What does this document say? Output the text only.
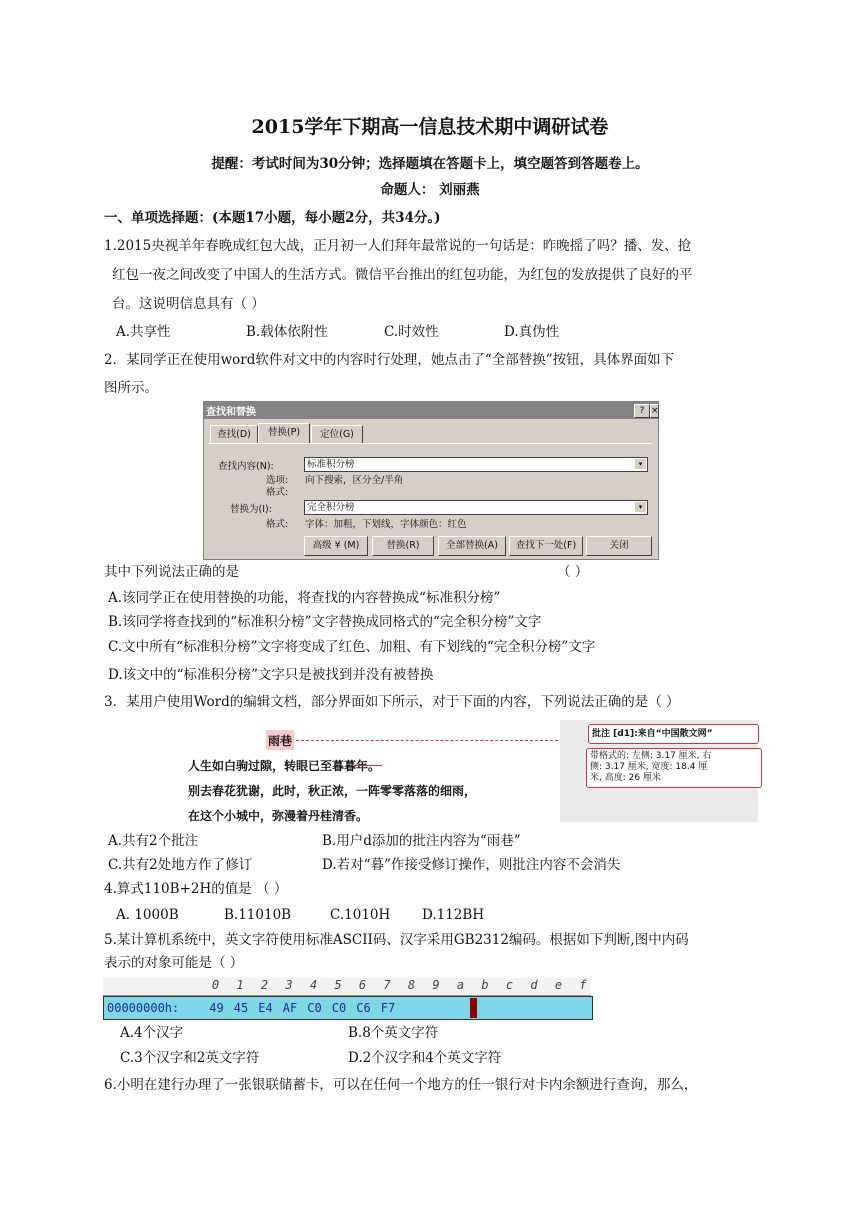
2015学年下期高一信息技术期中调研试卷
提醒：考试时间为30分钟；选择题填在答题卡上，填空题答到答题卷上。
命题人： 刘丽燕
一、单项选择题：(本题17小题，每小题2分，共34分。)
1.2015央视羊年春晚成红包大战，正月初一人们拜年最常说的一句话是：昨晚摇了吗？播、发、抢
红包一夜之间改变了中国人的生活方式。微信平台推出的红包功能，为红包的发放提供了良好的平
台。这说明信息具有（ ）
A.共享性	B.载体依附性	C.时效性	D.真伪性
2．某同学正在使用word软件对文中的内容时行处理，她点击了“全部替换”按钮，具体界面如下
图所示。
查找和替换	? ×
查找(D)	替换(P)	定位(G)
查找内容(N):	标准积分榜	▾
选项: 向下搜索，区分全/半角
格式:
替换为(I):	完全积分榜	▾
格式: 字体：加粗，下划线，字体颜色：红色
高级 ¥ (M)	替换(R)	全部替换(A)	查找下一处(F)	关闭
其中下列说法正确的是	（ ）
A.该同学正在使用替换的功能，将查找的内容替换成“标准积分榜”
B.该同学将查找到的“标准积分榜”文字替换成同格式的“完全积分榜”文字
C.文中所有“标准积分榜”文字将变成了红色、加粗、有下划线的“完全积分榜”文字
D.该文中的“标准积分榜”文字只是被找到并没有被替换
3．某用户使用Word的编辑文档，部分界面如下所示，对于下面的内容，下列说法正确的是（ ）
雨巷
人生如白驹过隙，转眼已至暮暮年。
别去春花犹谢，此时，秋正浓，一阵零零落落的细雨，
在这个小城中，弥漫着丹桂清香。
批注 [d1]:来自“中国散文网”
带格式的: 左侧: 3.17 厘米, 右
侧: 3.17 厘米, 宽度: 18.4 厘
米, 高度: 26 厘米
A.共有2个批注	B.用户d添加的批注内容为“雨巷”
C.共有2处地方作了修订	D.若对“暮”作接受修订操作，则批注内容不会消失
4.算式110B+2H的值是 （ ）
A. 1000B	B.11010B	C.1010H D.112BH
5.某计算机系统中，英文字符使用标准ASCII码、汉字采用GB2312编码。根据如下判断,图中内码
表示的对象可能是（ ）
0	1	2	3	4	5	6	7	8	9	a	b	c	d	e	f
00000000h:	49 45 E4 AF C0 C0 C6 F7
A.4个汉字	B.8个英文字符
C.3个汉字和2英文字符	D.2个汉字和4个英文字符
6.小明在建行办理了一张银联储蓄卡，可以在任何一个地方的任一银行对卡内余额进行查询，那么，
